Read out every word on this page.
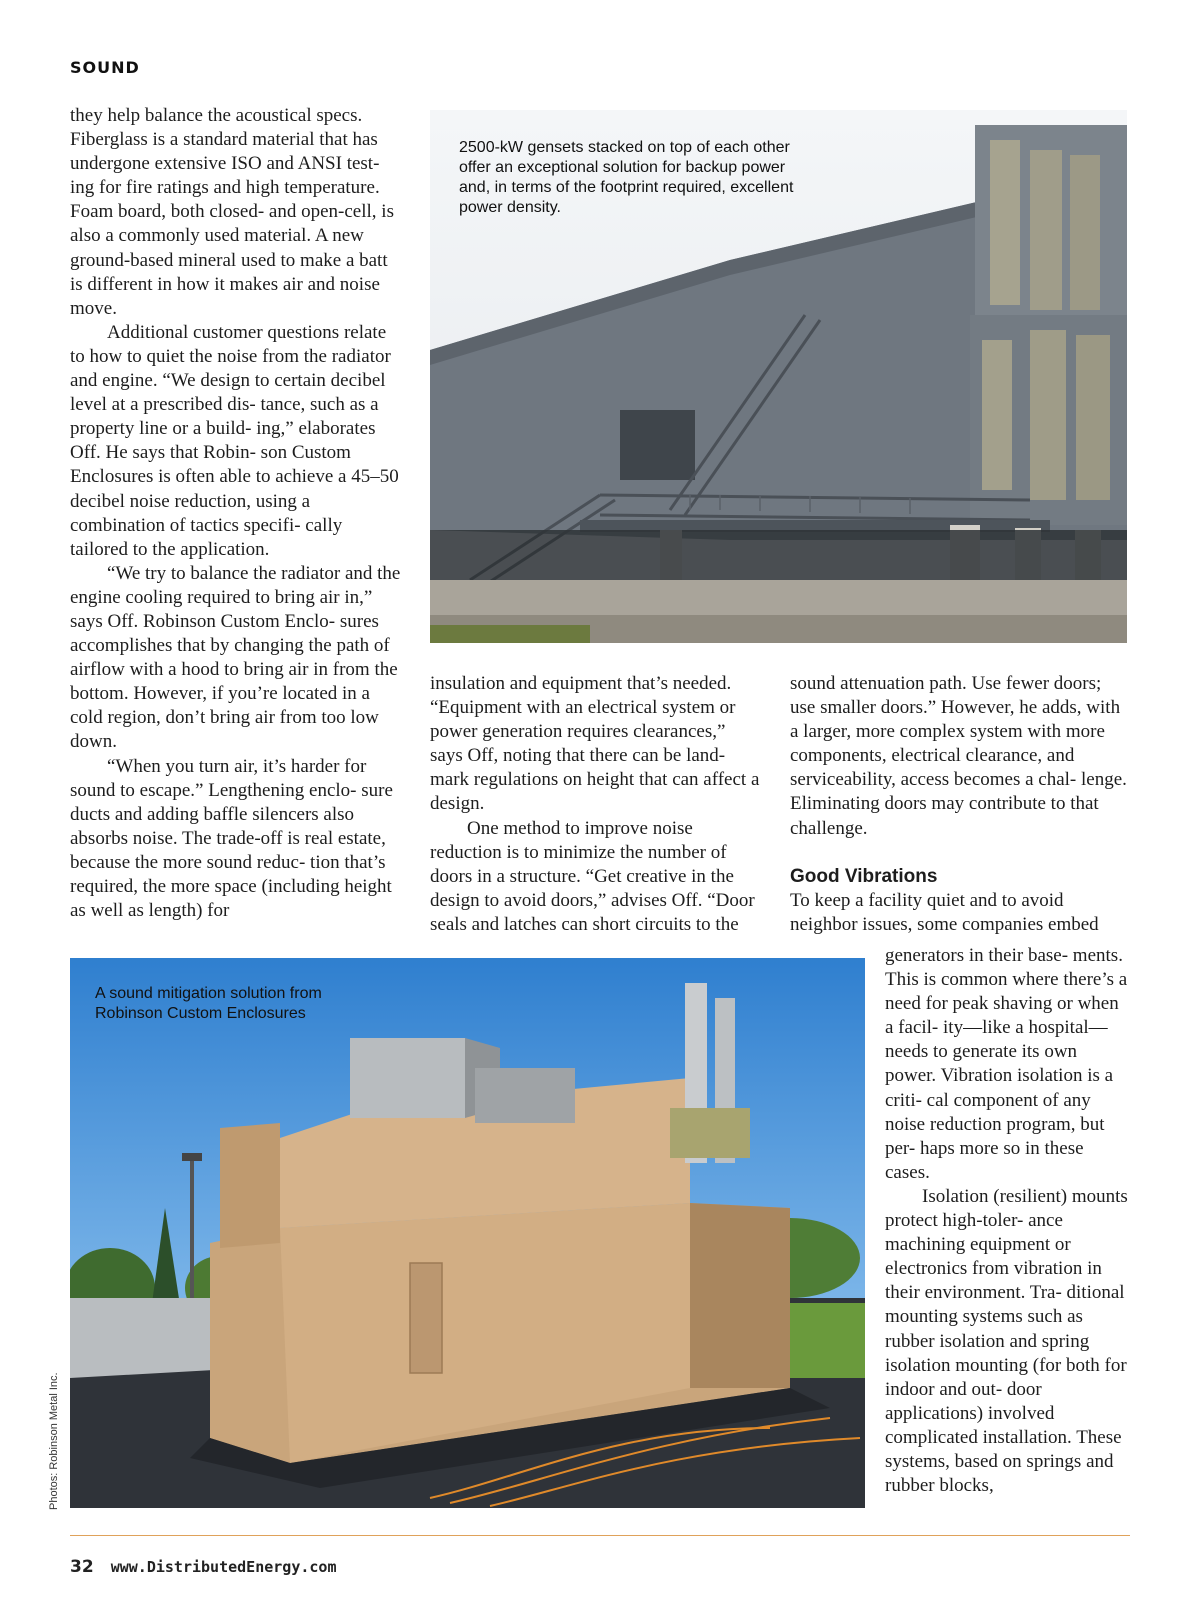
SOUND

they help balance the acoustical specs. Fiberglass is a standard material that has undergone extensive ISO and ANSI test- ing for fire ratings and high temperature. Foam board, both closed- and open-cell, is also a commonly used material. A new ground-based mineral used to make a batt is different in how it makes air and noise move.

Additional customer questions relate to how to quiet the noise from the radiator and engine. “We design to certain decibel level at a prescribed dis- tance, such as a property line or a build- ing,” elaborates Off. He says that Robin- son Custom Enclosures is often able to achieve a 45–50 decibel noise reduction, using a combination of tactics specifi- cally tailored to the application.

“We try to balance the radiator and the engine cooling required to bring air in,” says Off. Robinson Custom Enclo- sures accomplishes that by changing the path of airflow with a hood to bring air in from the bottom. However, if you’re located in a cold region, don’t bring air from too low down.

“When you turn air, it’s harder for sound to escape.” Lengthening enclo- sure ducts and adding baffle silencers also absorbs noise. The trade-off is real estate, because the more sound reduc- tion that’s required, the more space (including height as well as length) for

2500-kW gensets stacked on top of each other offer an exceptional solution for backup power and, in terms of the footprint required, excellent power density.

insulation and equipment that’s needed. “Equipment with an electrical system or power generation requires clearances,” says Off, noting that there can be land- mark regulations on height that can affect a design.

One method to improve noise reduction is to minimize the number of doors in a structure. “Get creative in the design to avoid doors,” advises Off. “Door seals and latches can short circuits to the

sound attenuation path. Use fewer doors; use smaller doors.” However, he adds, with a larger, more complex system with more components, electrical clearance, and serviceability, access becomes a chal- lenge. Eliminating doors may contribute to that challenge.

Good Vibrations

To keep a facility quiet and to avoid neighbor issues, some companies embed

generators in their base- ments. This is common where there’s a need for peak shaving or when a facil- ity—like a hospital—needs to generate its own power. Vibration isolation is a criti- cal component of any noise reduction program, but per- haps more so in these cases.

Isolation (resilient) mounts protect high-toler- ance machining equipment or electronics from vibration in their environment. Tra- ditional mounting systems such as rubber isolation and spring isolation mounting (for both for indoor and out- door applications) involved complicated installation. These systems, based on springs and rubber blocks,

A sound mitigation solution from Robinson Custom Enclosures
Photos: Robinson Metal Inc.
32 www.DistributedEnergy.com
